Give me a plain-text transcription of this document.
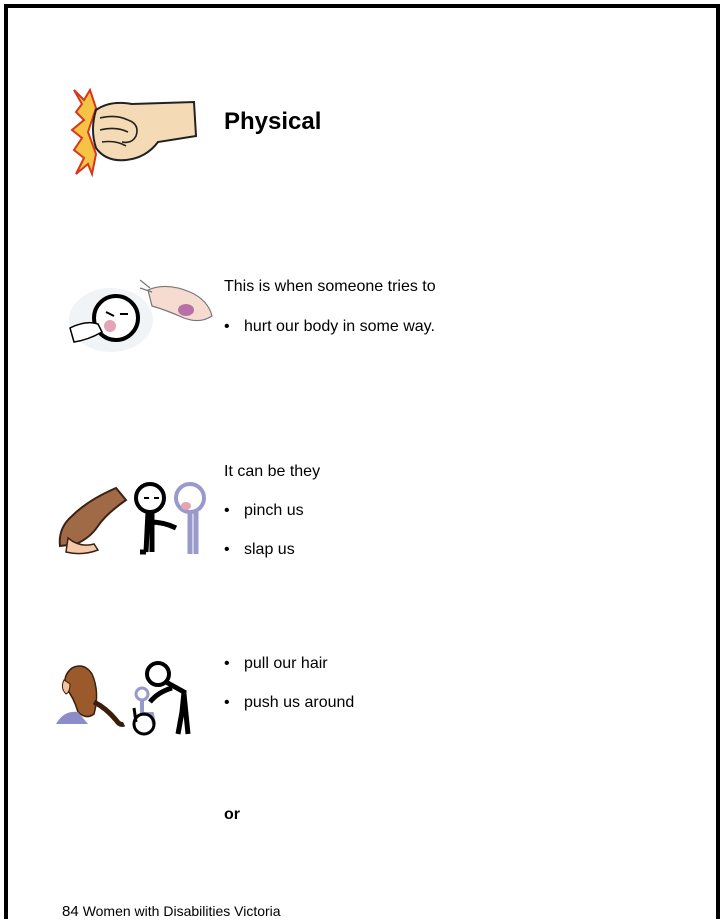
Physical
This is when someone tries to
• hurt our body in some way.
It can be they
• pinch us
• slap us
• pull our hair
• push us around
or
84 Women with Disabilities Victoria
